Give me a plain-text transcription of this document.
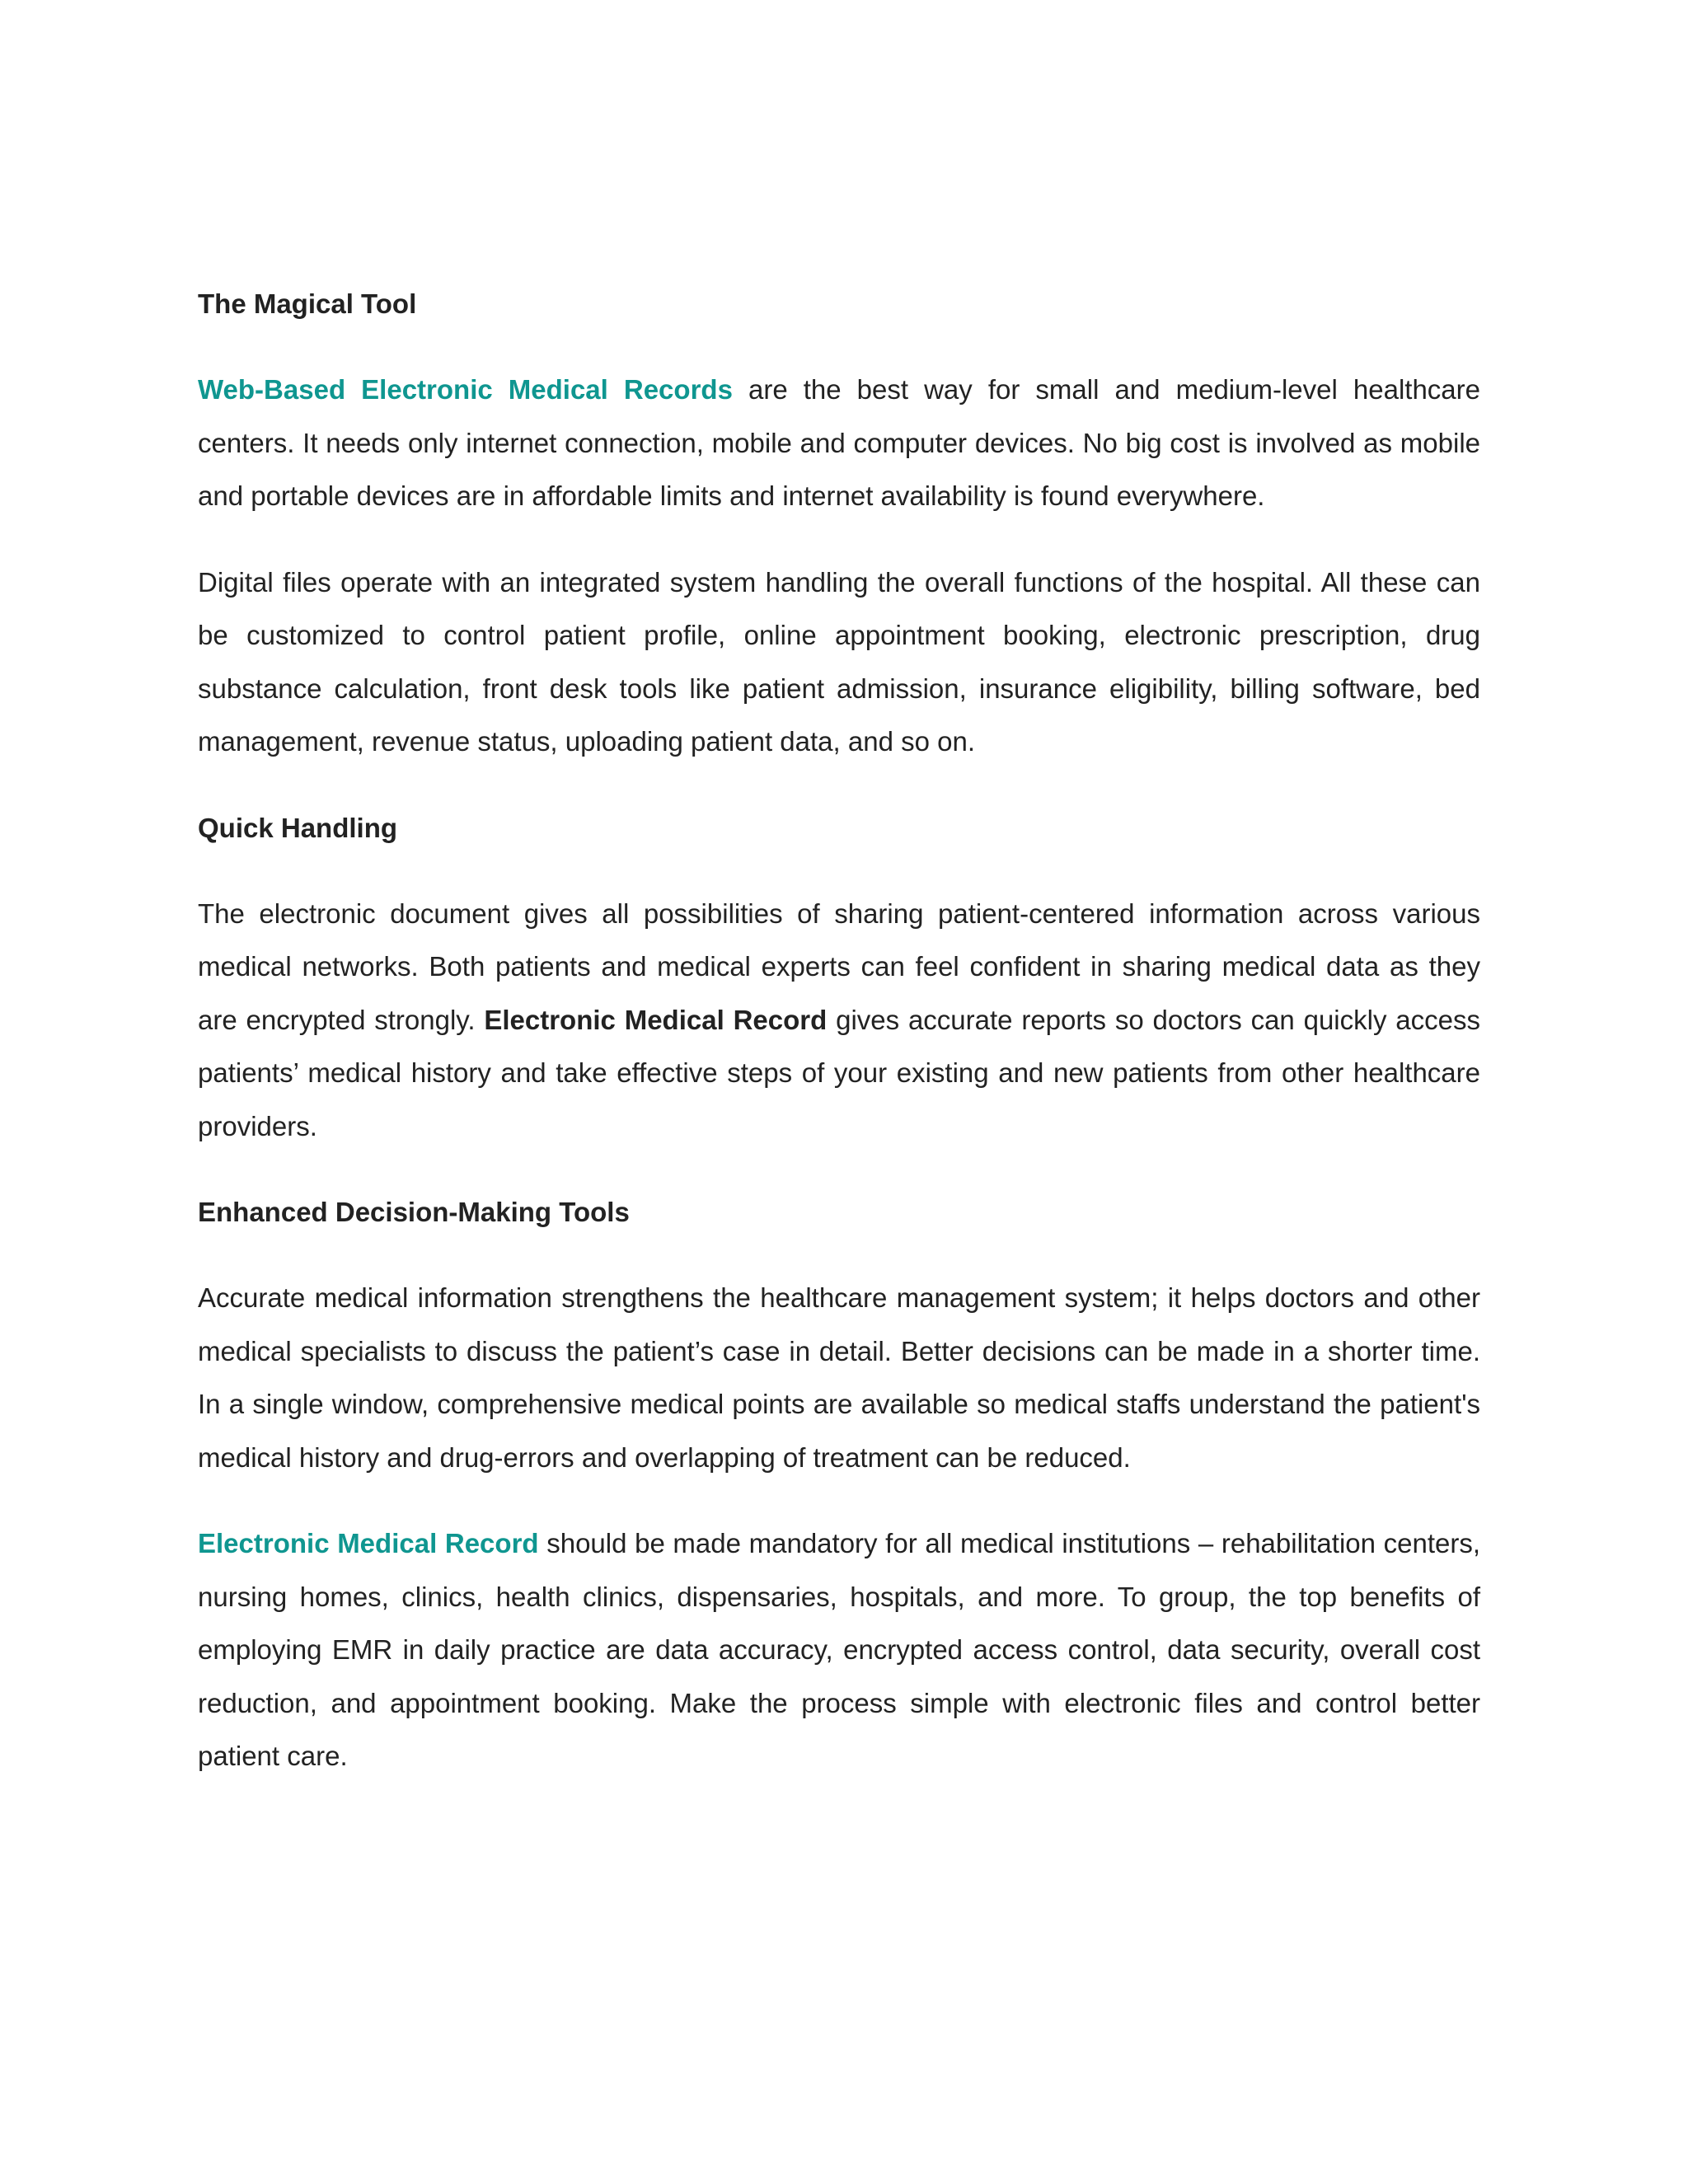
The Magical Tool

Web-Based Electronic Medical Records are the best way for small and medium-level healthcare centers. It needs only internet connection, mobile and computer devices. No big cost is involved as mobile and portable devices are in affordable limits and internet availability is found everywhere.

Digital files operate with an integrated system handling the overall functions of the hospital. All these can be customized to control patient profile, online appointment booking, electronic prescription, drug substance calculation, front desk tools like patient admission, insurance eligibility, billing software, bed management, revenue status, uploading patient data, and so on.

Quick Handling

The electronic document gives all possibilities of sharing patient-centered information across various medical networks. Both patients and medical experts can feel confident in sharing medical data as they are encrypted strongly. Electronic Medical Record gives accurate reports so doctors can quickly access patients’ medical history and take effective steps of your existing and new patients from other healthcare providers.

Enhanced Decision-Making Tools

Accurate medical information strengthens the healthcare management system; it helps doctors and other medical specialists to discuss the patient’s case in detail. Better decisions can be made in a shorter time. In a single window, comprehensive medical points are available so medical staffs understand the patient's medical history and drug-errors and overlapping of treatment can be reduced.

Electronic Medical Record should be made mandatory for all medical institutions – rehabilitation centers, nursing homes, clinics, health clinics, dispensaries, hospitals, and more. To group, the top benefits of employing EMR in daily practice are data accuracy, encrypted access control, data security, overall cost reduction, and appointment booking. Make the process simple with electronic files and control better patient care.
